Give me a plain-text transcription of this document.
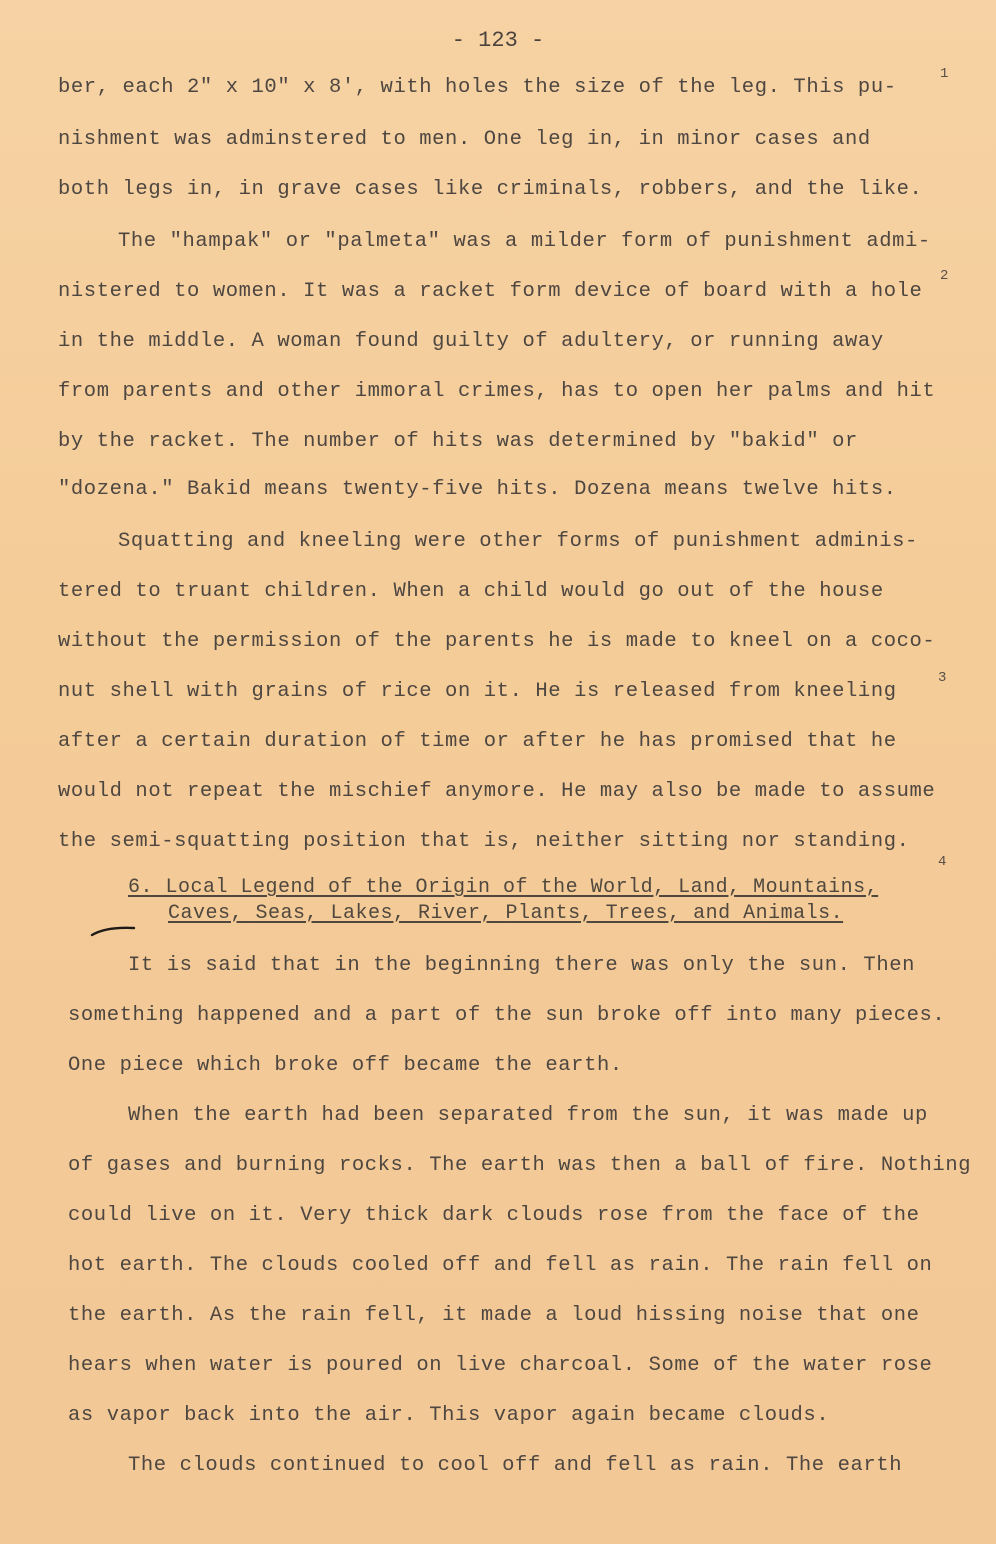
- 123 -
ber, each 2" x 10" x 8', with holes the size of the leg. This pu-
nishment was adminstered to men. One leg in, in minor cases and
both legs in, in grave cases like criminals, robbers, and the like.
The "hampak" or "palmeta" was a milder form of punishment admi-
nistered to women. It was a racket form device of board with a hole
in the middle. A woman found guilty of adultery, or running away
from parents and other immoral crimes, has to open her palms and hit
by the racket. The number of hits was determined by "bakid" or
"dozena." Bakid means twenty-five hits. Dozena means twelve hits.
Squatting and kneeling were other forms of punishment adminis-
tered to truant children. When a child would go out of the house
without the permission of the parents he is made to kneel on a coco-
nut shell with grains of rice on it. He is released from kneeling
after a certain duration of time or after he has promised that he
would not repeat the mischief anymore. He may also be made to assume
the semi-squatting position that is, neither sitting nor standing.
6. Local Legend of the Origin of the World, Land, Mountains,
Caves, Seas, Lakes, River, Plants, Trees, and Animals.
It is said that in the beginning there was only the sun. Then
something happened and a part of the sun broke off into many pieces.
One piece which broke off became the earth.
When the earth had been separated from the sun, it was made up
of gases and burning rocks. The earth was then a ball of fire. Nothing
could live on it. Very thick dark clouds rose from the face of the
hot earth. The clouds cooled off and fell as rain. The rain fell on
the earth. As the rain fell, it made a loud hissing noise that one
hears when water is poured on live charcoal. Some of the water rose
as vapor back into the air. This vapor again became clouds.
The clouds continued to cool off and fell as rain. The earth
1
2
3
4
